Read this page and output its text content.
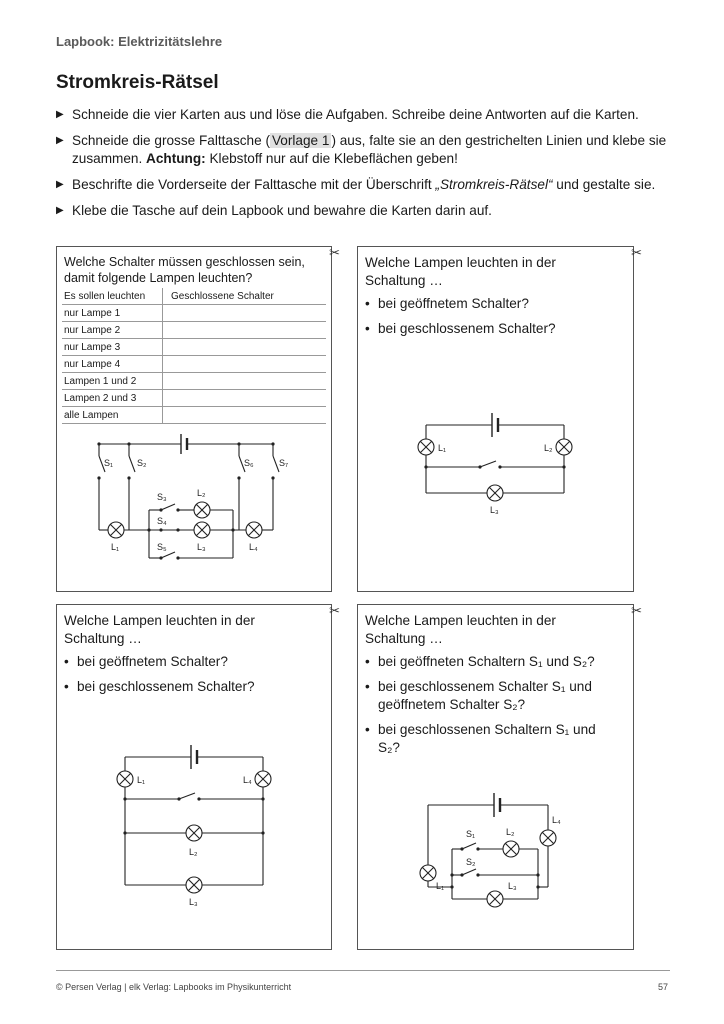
Lapbook: Elektrizitätslehre
Stromkreis-Rätsel
▶ Schneide die vier Karten aus und löse die Aufgaben. Schreibe deine Antworten auf die Karten.
▶ Schneide die grosse Falttasche ( Vorlage 1 ) aus, falte sie an den gestrichelten Linien und klebe sie zusammen. Achtung: Klebstoff nur auf die Klebeflächen geben!
▶ Beschrifte die Vorderseite der Falttasche mit der Überschrift „Stromkreis-Rätsel“ und gestalte sie.
▶ Klebe die Tasche auf dein Lapbook und bewahre die Karten darin auf.
✂
Welche Schalter müssen geschlossen sein, damit folgende Lampen leuchten?
Es sollen leuchten	Geschlossene Schalter
nur Lampe 1	
nur Lampe 2	
nur Lampe 3	
nur Lampe 4	
Lampen 1 und 2	
Lampen 2 und 3	
alle Lampen	
S₁	S₂	S₆	S₇
S₃
S₄
S₅
L₂
L₁	L₃	L₄
✂
Welche Lampen leuchten in der Schaltung …
• bei geöffnetem Schalter?
• bei geschlossenem Schalter?
L₁	L₂
L₃
✂
Welche Lampen leuchten in der Schaltung …
• bei geöffnetem Schalter?
• bei geschlossenem Schalter?
L₁	L₄
L₂
L₃
✂
Welche Lampen leuchten in der Schaltung …
• bei geöffneten Schaltern S₁ und S₂?
• bei geschlossenem Schalter S₁ und geöffnetem Schalter S₂?
• bei geschlossenen Schaltern S₁ und S₂?
S₁
S₂
L₂
L₄
L₁	L₃
© Persen Verlag | elk Verlag: Lapbooks im Physikunterricht	57
